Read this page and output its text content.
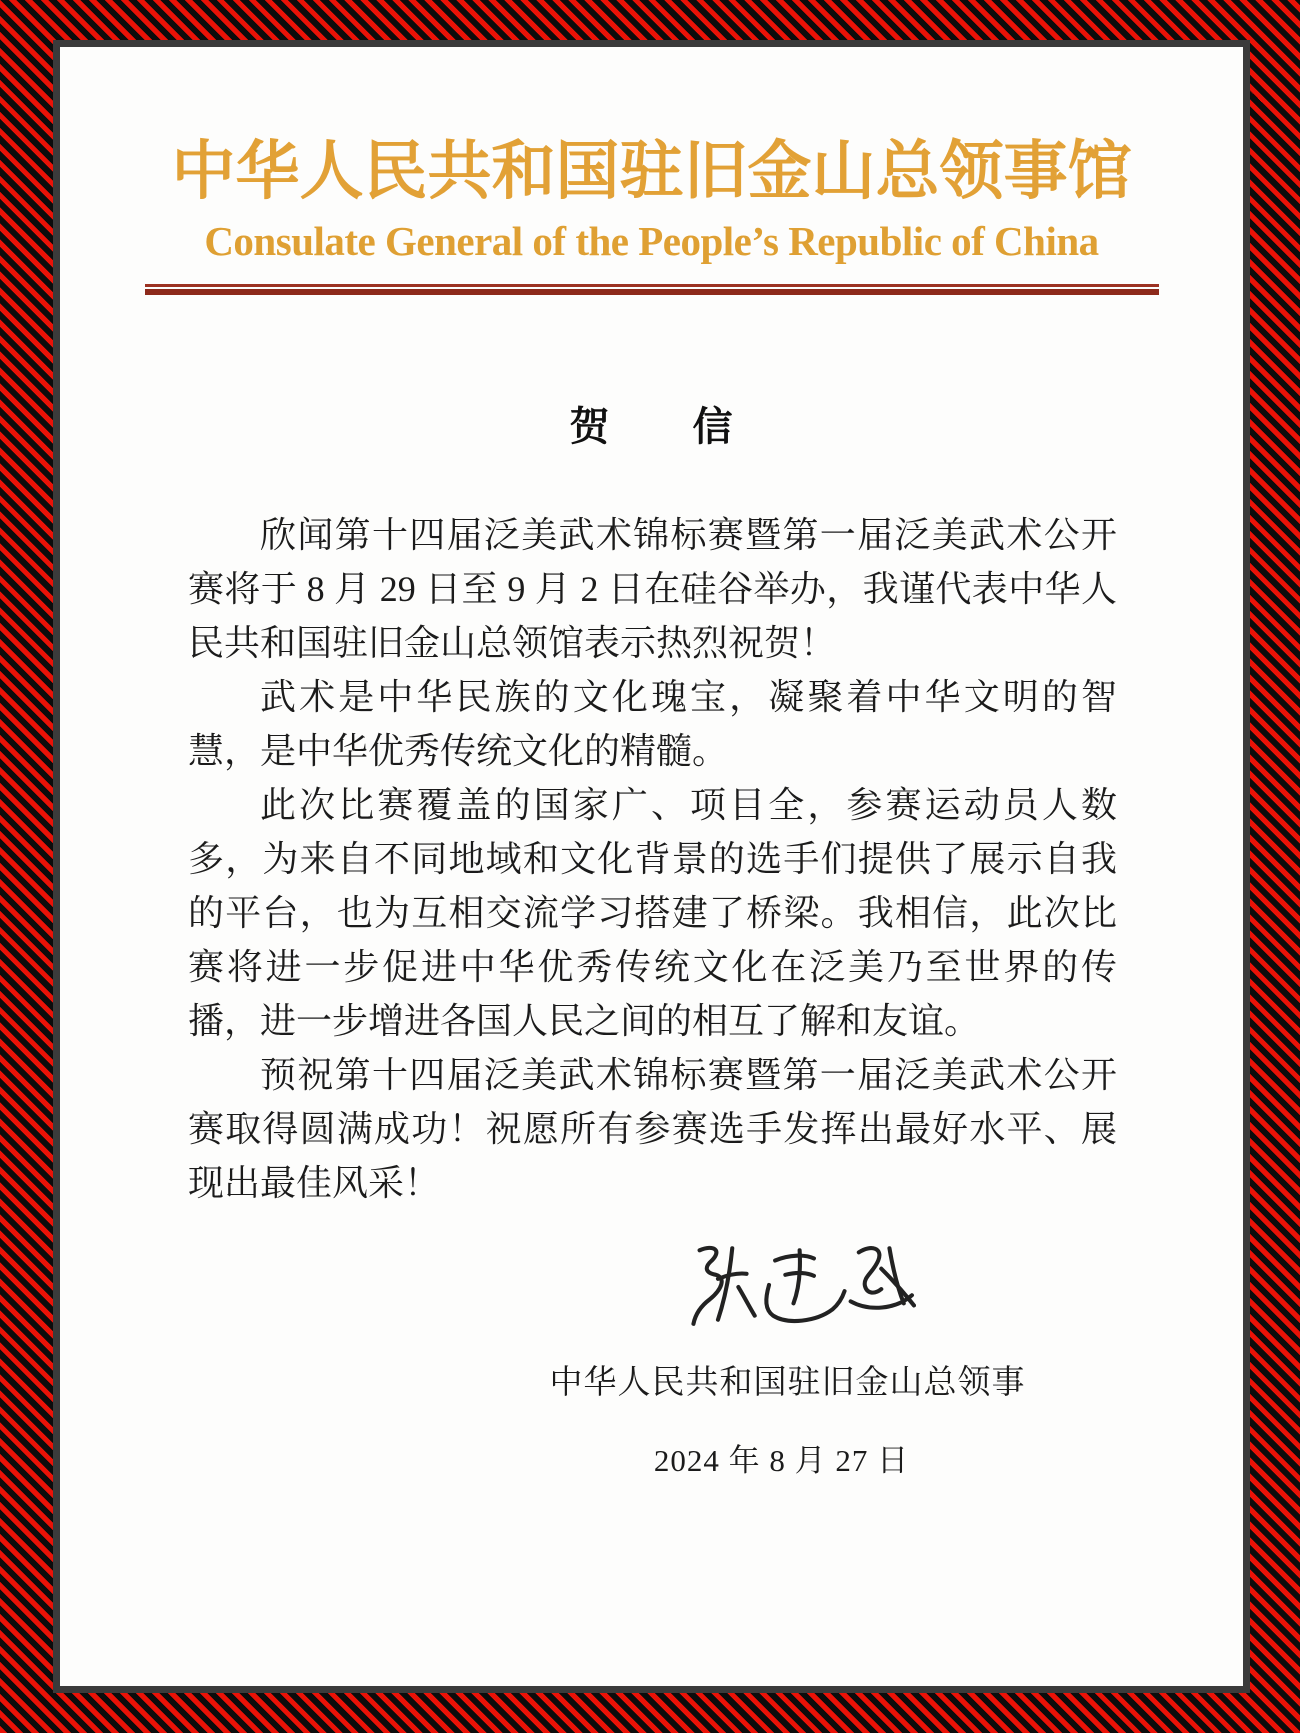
中华人民共和国驻旧金山总领事馆
Consulate General of the People’s Republic of China
贺　　信

欣闻第十四届泛美武术锦标赛暨第一届泛美武术公开赛将于 8 月 29 日至 9 月 2 日在硅谷举办，我谨代表中华人民共和国驻旧金山总领馆表示热烈祝贺！

武术是中华民族的文化瑰宝，凝聚着中华文明的智慧，是中华优秀传统文化的精髓。

此次比赛覆盖的国家广、项目全，参赛运动员人数多，为来自不同地域和文化背景的选手们提供了展示自我的平台，也为互相交流学习搭建了桥梁。我相信，此次比赛将进一步促进中华优秀传统文化在泛美乃至世界的传播，进一步增进各国人民之间的相互了解和友谊。

预祝第十四届泛美武术锦标赛暨第一届泛美武术公开赛取得圆满成功！祝愿所有参赛选手发挥出最好水平、展现出最佳风采！

中华人民共和国驻旧金山总领事
2024 年 8 月 27 日
